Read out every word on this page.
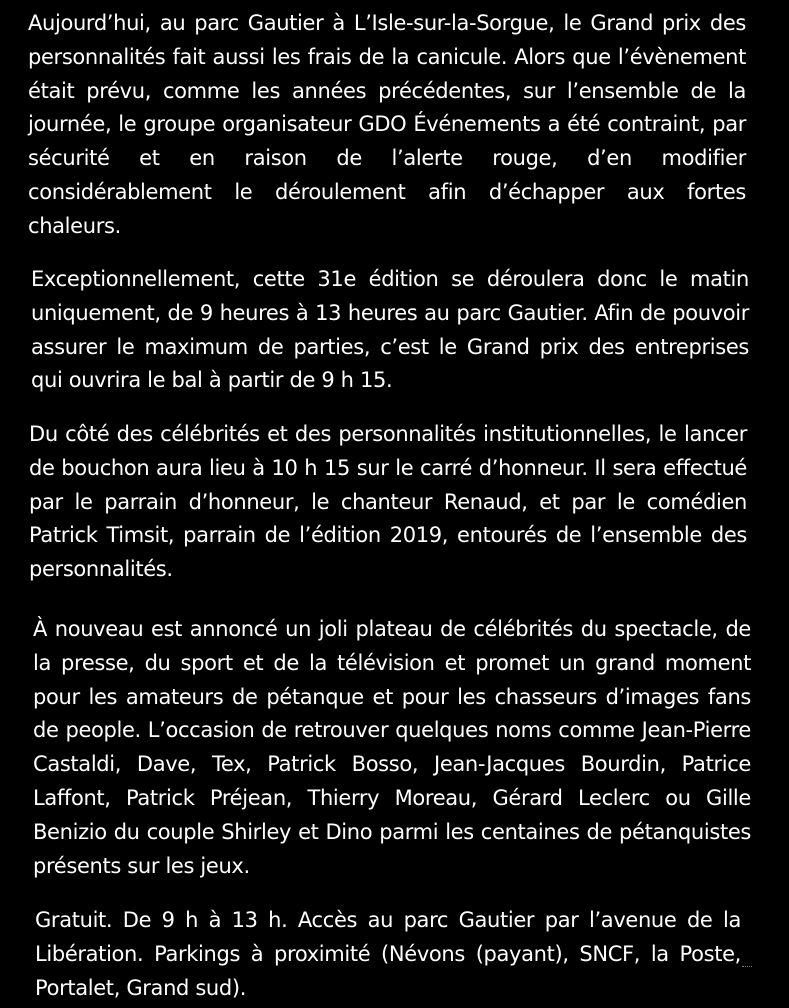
Aujourd’hui, au parc Gautier à L’Isle-sur-la-Sorgue, le Grand prix des personnalités fait aussi les frais de la canicule. Alors que l’évènement était prévu, comme les années précédentes, sur l’ensemble de la journée, le groupe organisateur GDO Événements a été contraint, par sécurité et en raison de l’alerte rouge, d’en modifier considérablement le déroulement afin d’échapper aux fortes chaleurs.

Exceptionnellement, cette 31e édition se déroulera donc le matin uniquement, de 9 heures à 13 heures au parc Gautier. Afin de pouvoir assurer le maximum de parties, c’est le Grand prix des entreprises qui ouvrira le bal à partir de 9 h 15.

Du côté des célébrités et des personnalités institutionnelles, le lancer de bouchon aura lieu à 10 h 15 sur le carré d’honneur. Il sera effectué par le parrain d’honneur, le chanteur Renaud, et par le comédien Patrick Timsit, parrain de l’édition 2019, entourés de l’ensemble des personnalités.

À nouveau est annoncé un joli plateau de célébrités du spectacle, de la presse, du sport et de la télévision et promet un grand moment pour les amateurs de pétanque et pour les chasseurs d’images fans de people. L’occasion de retrouver quelques noms comme Jean-Pierre Castaldi, Dave, Tex, Patrick Bosso, Jean-Jacques Bourdin, Patrice Laffont, Patrick Préjean, Thierry Moreau, Gérard Leclerc ou Gille Benizio du couple Shirley et Dino parmi les centaines de pétanquistes présents sur les jeux.

Gratuit. De 9 h à 13 h. Accès au parc Gautier par l’avenue de la Libération. Parkings à proximité (Névons (payant), SNCF, la Poste, Portalet, Grand sud).
